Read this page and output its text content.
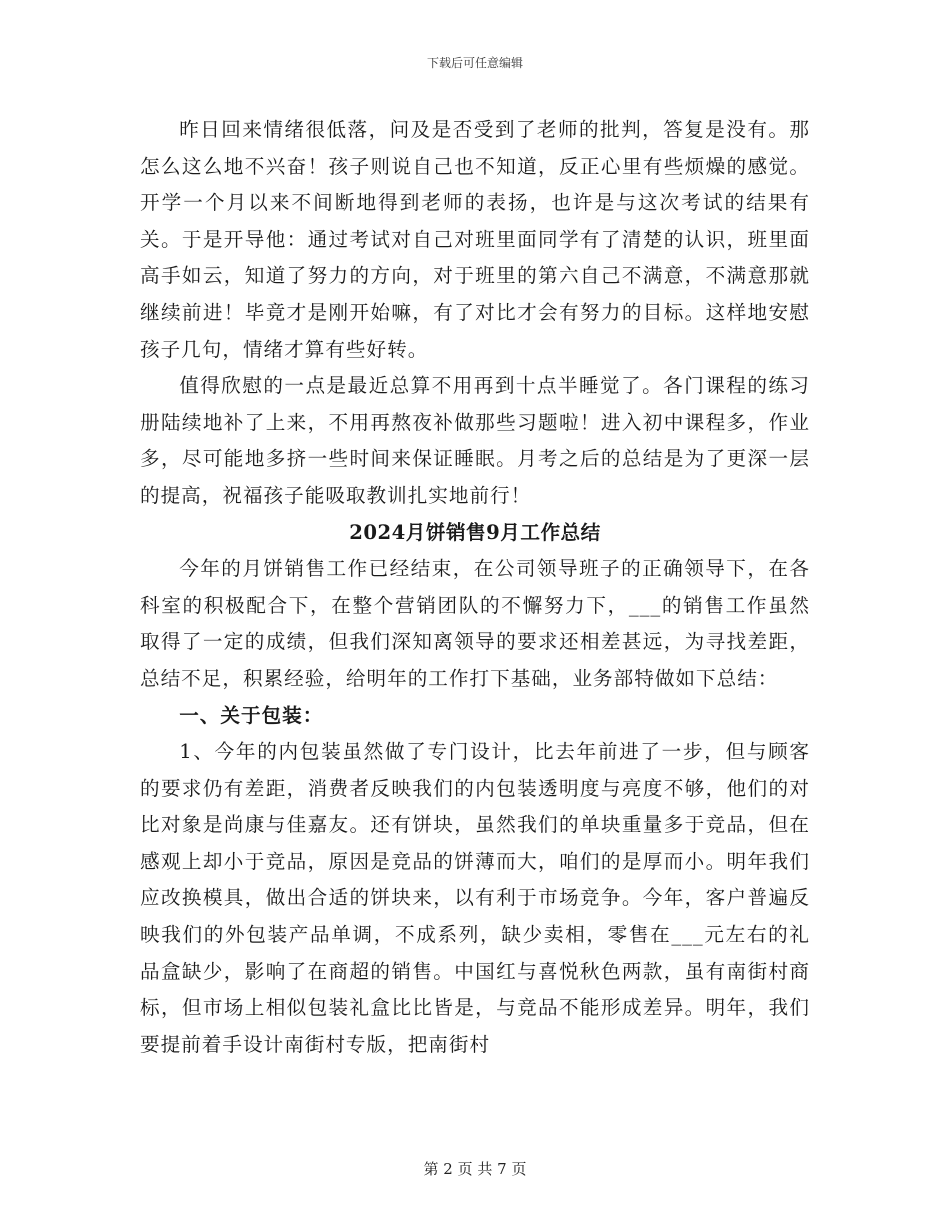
下载后可任意编辑

昨日回来情绪很低落，问及是否受到了老师的批判，答复是没有。那怎么这么地不兴奋！孩子则说自己也不知道，反正心里有些烦燥的感觉。开学一个月以来不间断地得到老师的表扬，也许是与这次考试的结果有关。于是开导他：通过考试对自己对班里面同学有了清楚的认识，班里面高手如云，知道了努力的方向，对于班里的第六自己不满意，不满意那就继续前进！毕竟才是刚开始嘛，有了对比才会有努力的目标。这样地安慰孩子几句，情绪才算有些好转。

值得欣慰的一点是最近总算不用再到十点半睡觉了。各门课程的练习册陆续地补了上来，不用再熬夜补做那些习题啦！进入初中课程多，作业多，尽可能地多挤一些时间来保证睡眠。月考之后的总结是为了更深一层的提高，祝福孩子能吸取教训扎实地前行！

2024月饼销售9月工作总结

今年的月饼销售工作已经结束，在公司领导班子的正确领导下，在各科室的积极配合下，在整个营销团队的不懈努力下，___的销售工作虽然取得了一定的成绩，但我们深知离领导的要求还相差甚远，为寻找差距，总结不足，积累经验，给明年的工作打下基础，业务部特做如下总结：

一、关于包装：

1、今年的内包装虽然做了专门设计，比去年前进了一步，但与顾客的要求仍有差距，消费者反映我们的内包装透明度与亮度不够，他们的对比对象是尚康与佳嘉友。还有饼块，虽然我们的单块重量多于竞品，但在感观上却小于竞品，原因是竞品的饼薄而大，咱们的是厚而小。明年我们应改换模具，做出合适的饼块来，以有利于市场竞争。今年，客户普遍反映我们的外包装产品单调，不成系列，缺少卖相，零售在___元左右的礼品盒缺少，影响了在商超的销售。中国红与喜悦秋色两款，虽有南街村商标，但市场上相似包装礼盒比比皆是，与竞品不能形成差异。明年，我们要提前着手设计南街村专版，把南街村

第 2 页 共 7 页
